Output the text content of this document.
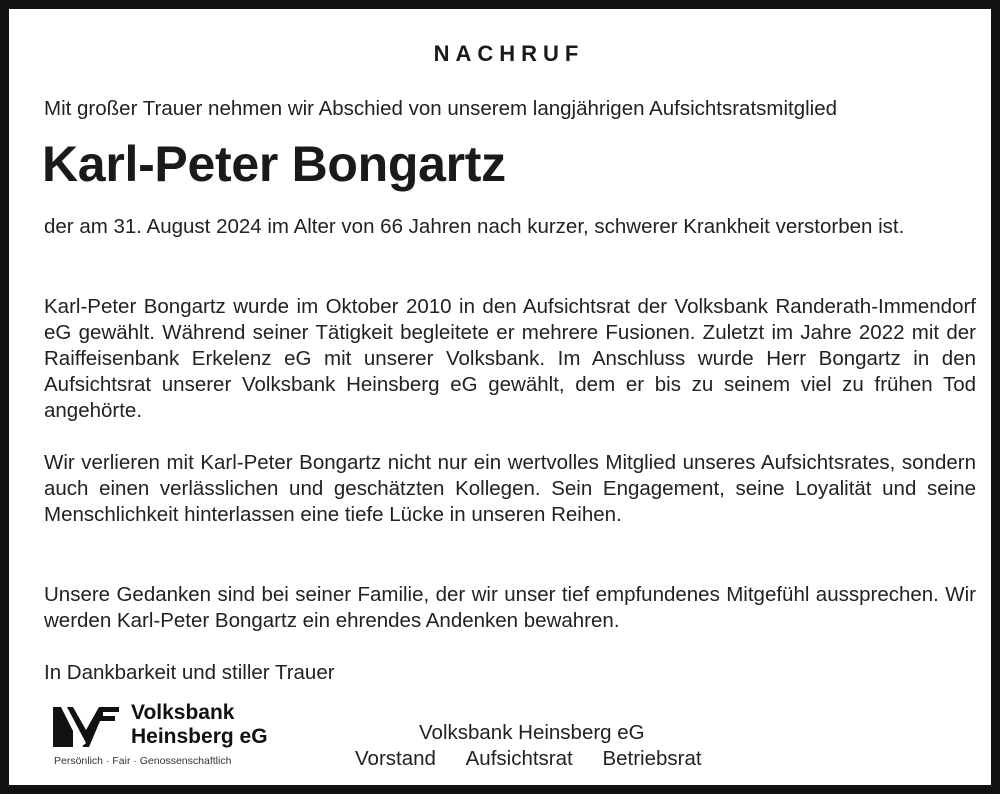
NACHRUF
Mit großer Trauer nehmen wir Abschied von unserem langjährigen Aufsichtsratsmitglied
Karl-Peter Bongartz
der am 31. August 2024 im Alter von 66 Jahren nach kurzer, schwerer Krankheit verstorben ist.
Karl-Peter Bongartz wurde im Oktober 2010 in den Aufsichtsrat der Volksbank Randerath-Immendorf eG gewählt. Während seiner Tätigkeit begleitete er mehrere Fusionen. Zuletzt im Jahre 2022 mit der Raiffeisenbank Erkelenz eG mit unserer Volksbank. Im Anschluss wurde Herr Bongartz in den Aufsichtsrat unserer Volksbank Heinsberg eG gewählt, dem er bis zu seinem viel zu frühen Tod angehörte.
Wir verlieren mit Karl-Peter Bongartz nicht nur ein wertvolles Mitglied unseres Aufsichtsrates, sondern auch einen verlässlichen und geschätzten Kollegen. Sein Engagement, seine Loyalität und seine Menschlichkeit hinterlassen eine tiefe Lücke in unseren Reihen.
Unsere Gedanken sind bei seiner Familie, der wir unser tief empfundenes Mitgefühl aussprechen. Wir werden Karl-Peter Bongartz ein ehrendes Andenken bewahren.
In Dankbarkeit und stiller Trauer
Volksbank
Heinsberg eG
Persönlich · Fair · Genossenschaftlich
Volksbank Heinsberg eG
Vorstand Aufsichtsrat Betriebsrat
